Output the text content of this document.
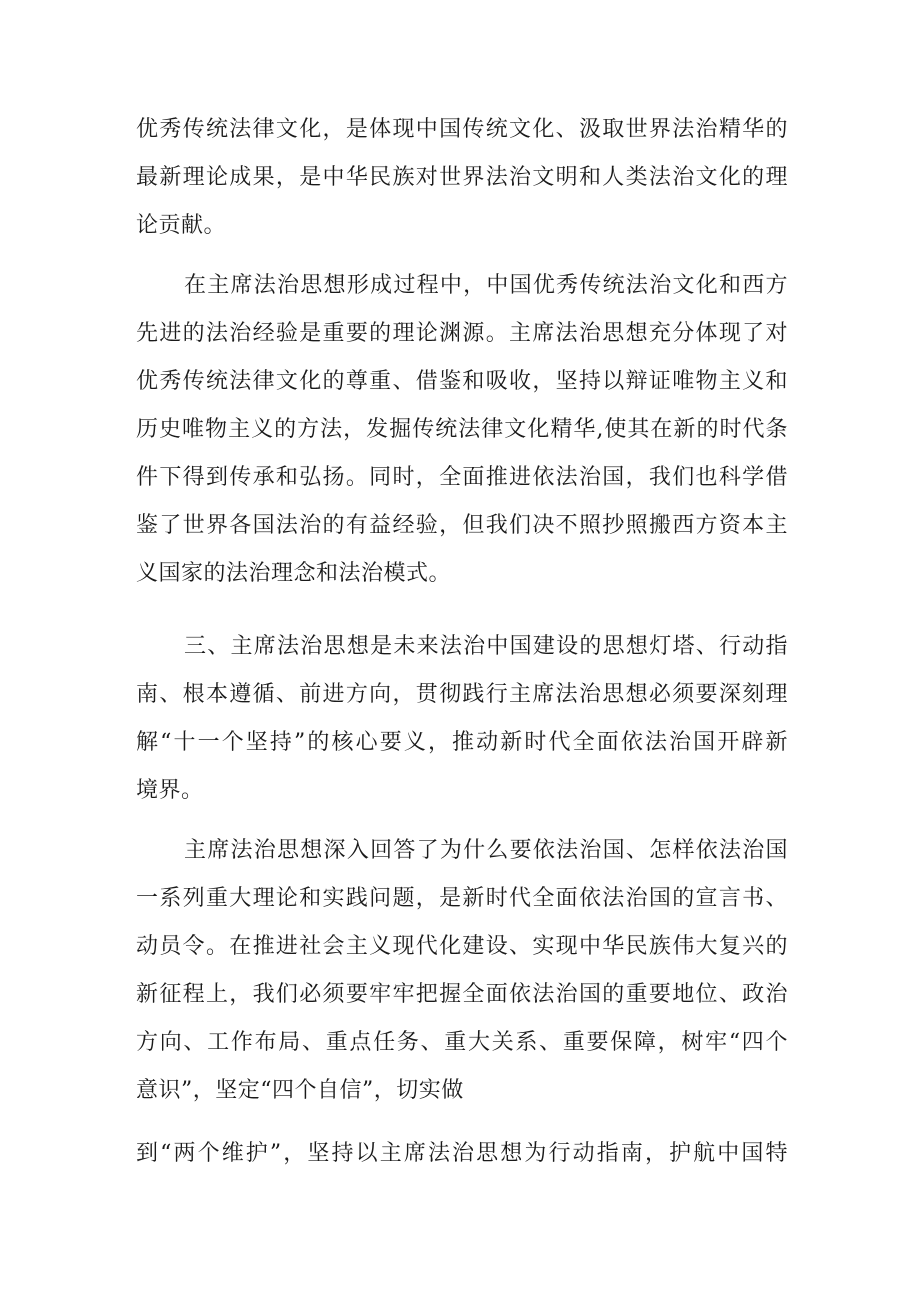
优秀传统法律文化，是体现中国传统文化、汲取世界法治精华的
最新理论成果，是中华民族对世界法治文明和人类法治文化的理
论贡献。
在主席法治思想形成过程中，中国优秀传统法治文化和西方
先进的法治经验是重要的理论渊源。主席法治思想充分体现了对
优秀传统法律文化的尊重、借鉴和吸收，坚持以辩证唯物主义和
历史唯物主义的方法，发掘传统法律文化精华,使其在新的时代条
件下得到传承和弘扬。同时，全面推进依法治国，我们也科学借
鉴了世界各国法治的有益经验，但我们决不照抄照搬西方资本主
义国家的法治理念和法治模式。
三、主席法治思想是未来法治中国建设的思想灯塔、行动指
南、根本遵循、前进方向，贯彻践行主席法治思想必须要深刻理
解“十一个坚持”的核心要义，推动新时代全面依法治国开辟新
境界。
主席法治思想深入回答了为什么要依法治国、怎样依法治国
一系列重大理论和实践问题，是新时代全面依法治国的宣言书、
动员令。在推进社会主义现代化建设、实现中华民族伟大复兴的
新征程上，我们必须要牢牢把握全面依法治国的重要地位、政治
方向、工作布局、重点任务、重大关系、重要保障，树牢“四个
意识”，坚定“四个自信”，切实做
到“两个维护”，坚持以主席法治思想为行动指南，护航中国特
